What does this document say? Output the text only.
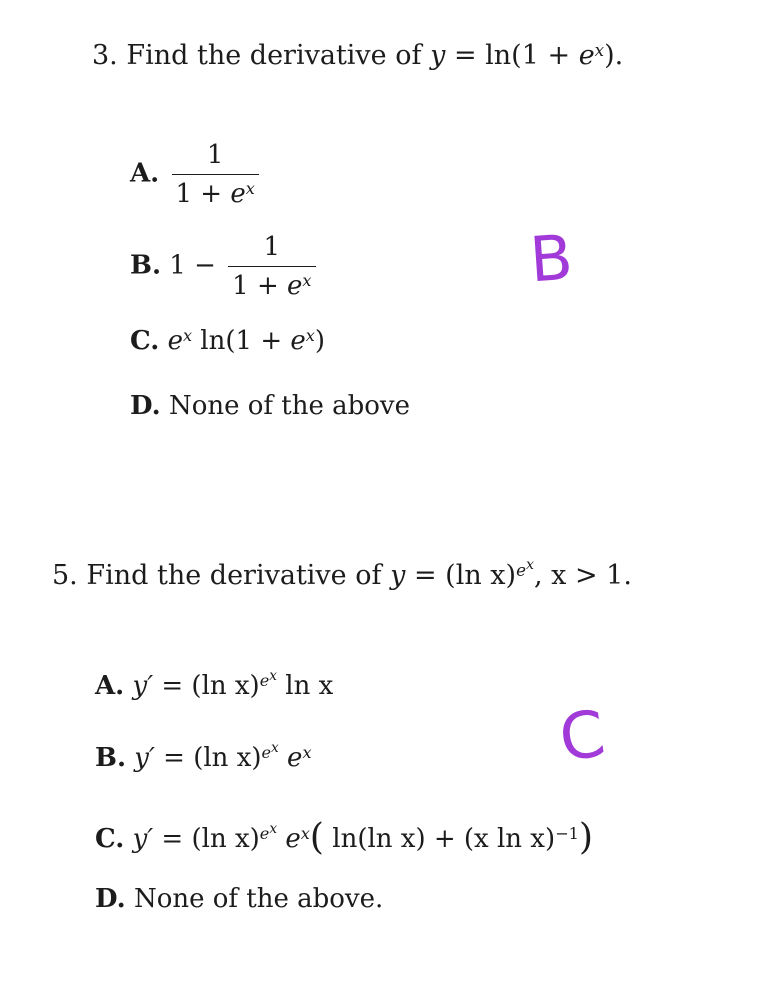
3. Find the derivative of $y = \ln(1 + e^x)$.
A. $\frac{1}{1 + e^x}$
B. $1 - \frac{1}{1 + e^x}$
C. $e^x$ $\ln(1 + e^x)$
D. None of the above
B
5. Find the derivative of y = (ln x)$^{e^x}$, x > 1.
A. y′ = (ln x)$^{e^x}$ ln x
B. y′ = (ln x)$^{e^x}$ $e^x$
C. y′ = (ln x)$^{e^x}$ $e^x$( ln(ln x) + (x ln x)$^{-1}$)
D. None of the above.
C
